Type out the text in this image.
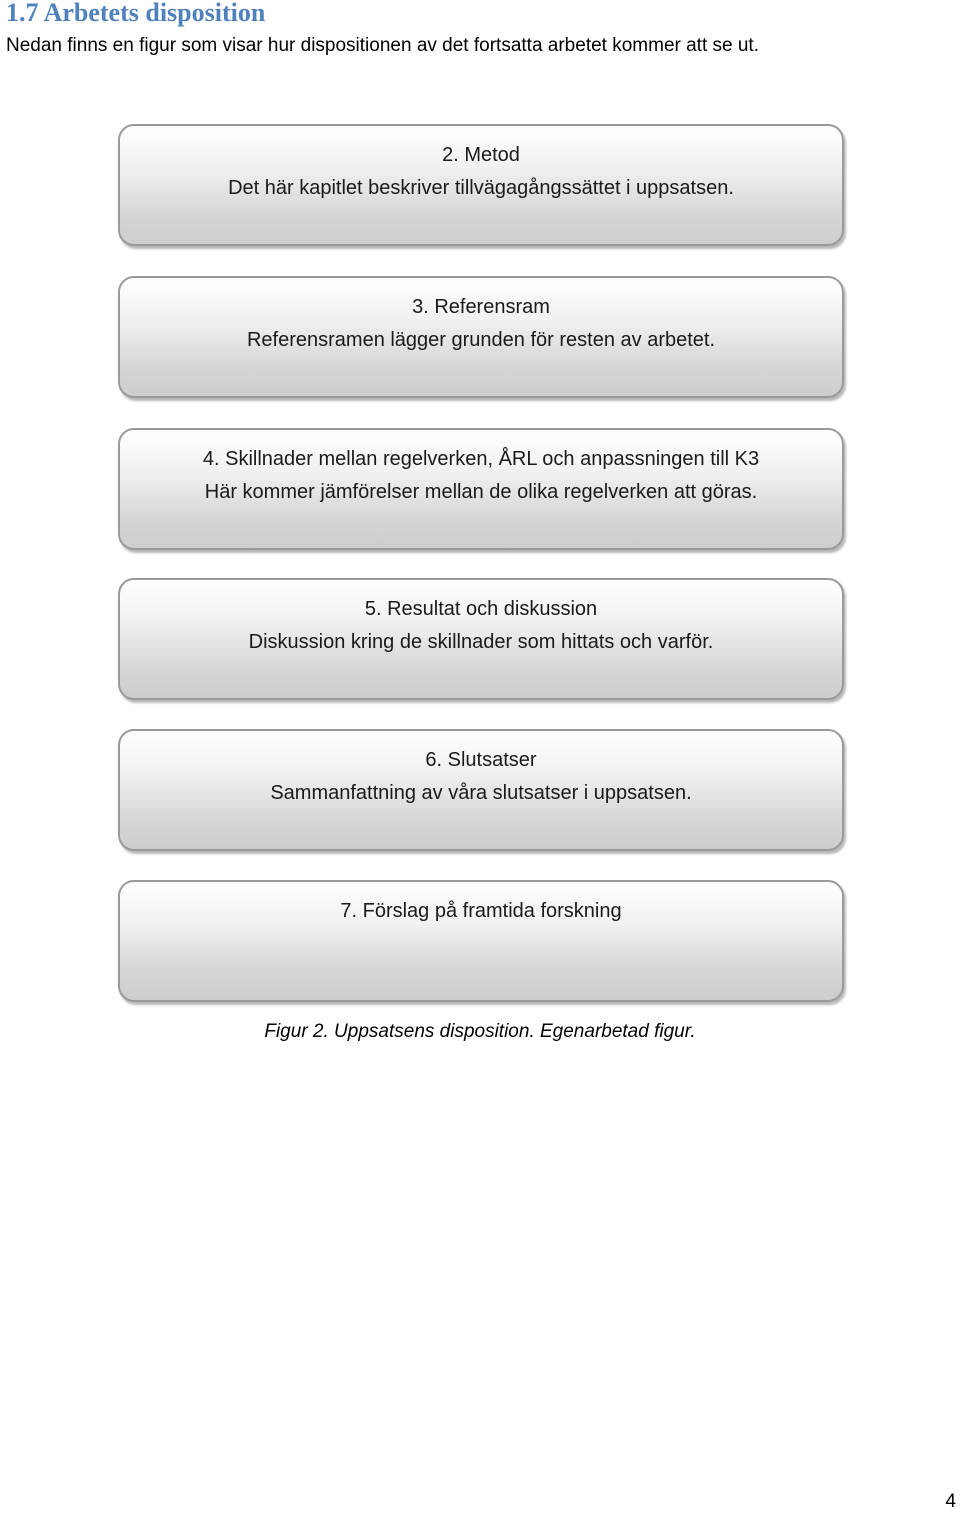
1.7 Arbetets disposition

Nedan finns en figur som visar hur dispositionen av det fortsatta arbetet kommer att se ut.

2. Metod
Det här kapitlet beskriver tillvägagångssättet i uppsatsen.
3. Referensram
Referensramen lägger grunden för resten av arbetet.
4. Skillnader mellan regelverken, ÅRL och anpassningen till K3
Här kommer jämförelser mellan de olika regelverken att göras.
5. Resultat och diskussion
Diskussion kring de skillnader som hittats och varför.
6. Slutsatser
Sammanfattning av våra slutsatser i uppsatsen.
7. Förslag på framtida forskning

Figur 2. Uppsatsens disposition. Egenarbetad figur.

4
